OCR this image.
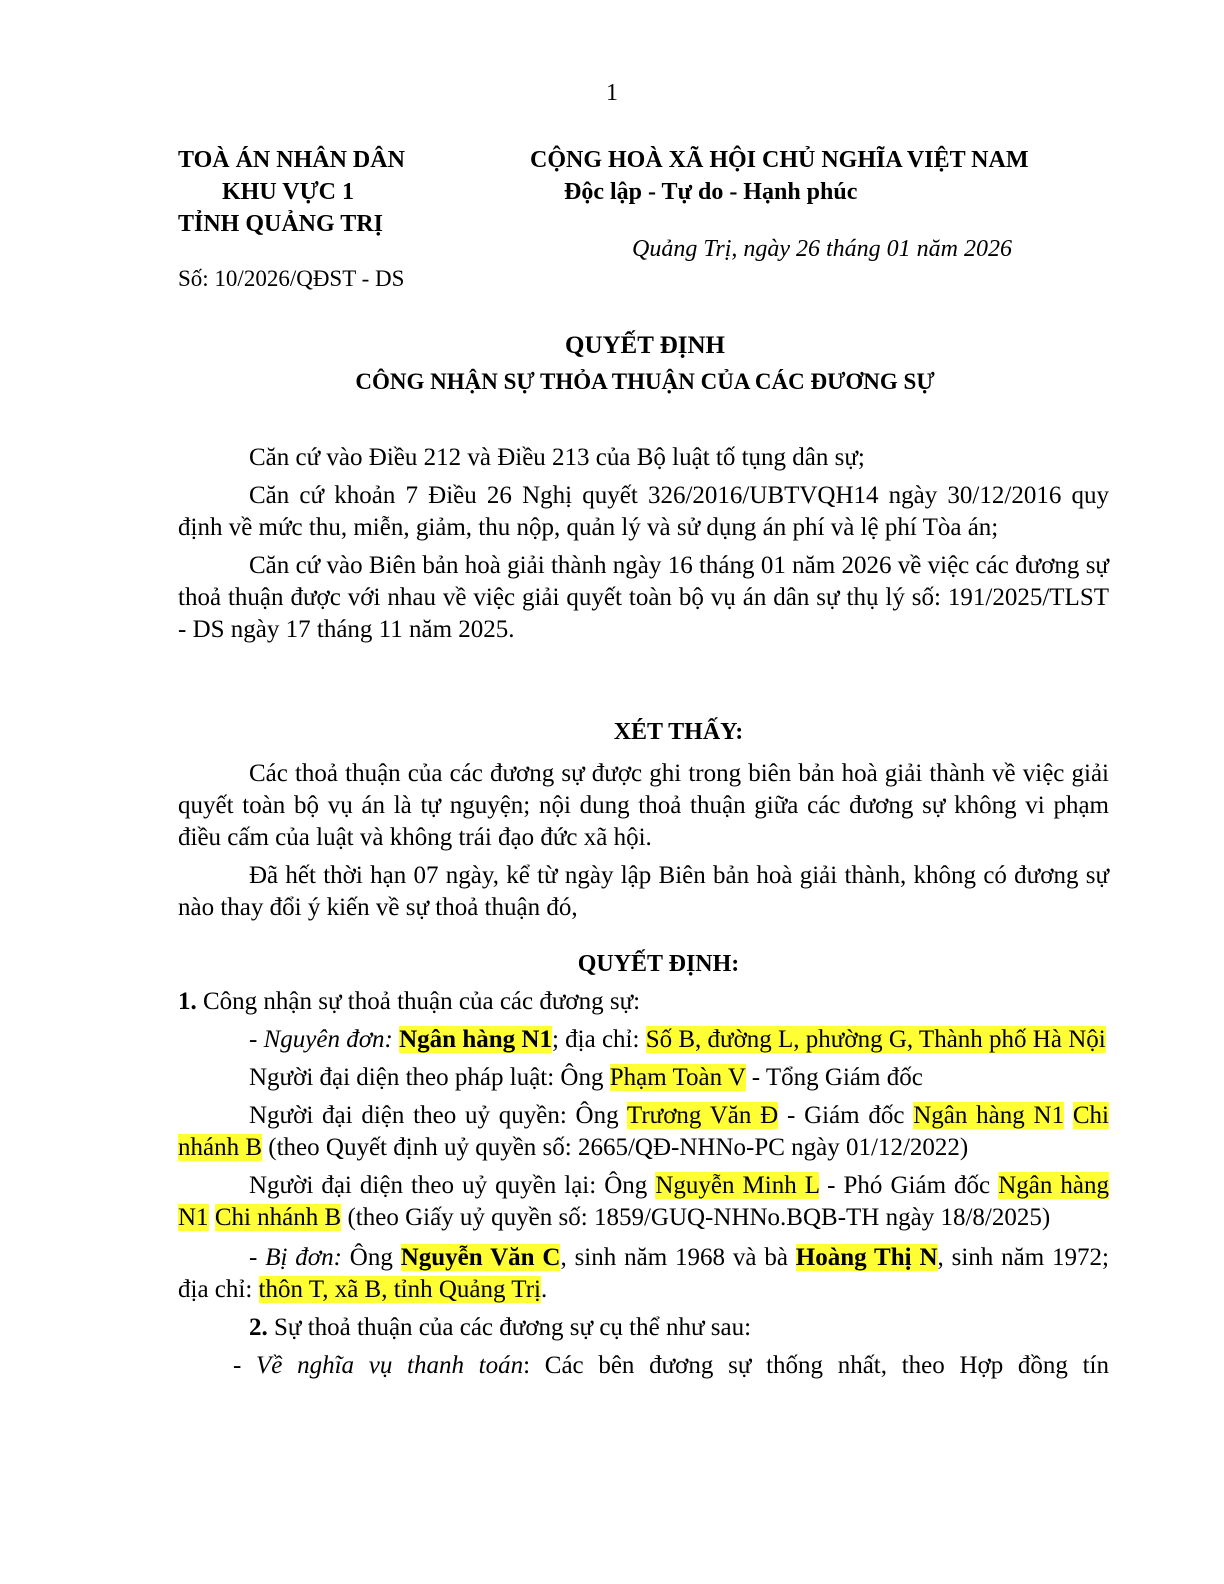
1
TOÀ ÁN NHÂN DÂN
KHU VỰC 1
TỈNH QUẢNG TRỊ
CỘNG HOÀ XÃ HỘI CHỦ NGHĨA VIỆT NAM
Độc lập - Tự do - Hạnh phúc
Quảng Trị, ngày 26 tháng 01 năm 2026
Số: 10/2026/QĐST - DS
QUYẾT ĐỊNH
CÔNG NHẬN SỰ THỎA THUẬN CỦA CÁC ĐƯƠNG SỰ

Căn cứ vào Điều 212 và Điều 213 của Bộ luật tố tụng dân sự;

Căn cứ khoản 7 Điều 26 Nghị quyết 326/2016/UBTVQH14 ngày 30/12/2016 quy định về mức thu, miễn, giảm, thu nộp, quản lý và sử dụng án phí và lệ phí Tòa án;

Căn cứ vào Biên bản hoà giải thành ngày 16 tháng 01 năm 2026 về việc các đương sự thoả thuận được với nhau về việc giải quyết toàn bộ vụ án dân sự thụ lý số: 191/2025/TLST - DS ngày 17 tháng 11 năm 2025.

XÉT THẤY:

Các thoả thuận của các đương sự được ghi trong biên bản hoà giải thành về việc giải quyết toàn bộ vụ án là tự nguyện; nội dung thoả thuận giữa các đương sự không vi phạm điều cấm của luật và không trái đạo đức xã hội.

Đã hết thời hạn 07 ngày, kể từ ngày lập Biên bản hoà giải thành, không có đương sự nào thay đổi ý kiến về sự thoả thuận đó,

QUYẾT ĐỊNH:

1. Công nhận sự thoả thuận của các đương sự:

- Nguyên đơn: Ngân hàng N1; địa chỉ: Số B, đường L, phường G, Thành phố Hà Nội

Người đại diện theo pháp luật: Ông Phạm Toàn V - Tổng Giám đốc

Người đại diện theo uỷ quyền: Ông Trương Văn Đ - Giám đốc Ngân hàng N1 Chi nhánh B (theo Quyết định uỷ quyền số: 2665/QĐ-NHNo-PC ngày 01/12/2022)

Người đại diện theo uỷ quyền lại: Ông Nguyễn Minh L - Phó Giám đốc Ngân hàng N1 Chi nhánh B (theo Giấy uỷ quyền số: 1859/GUQ-NHNo.BQB-TH ngày 18/8/2025)

- Bị đơn: Ông Nguyễn Văn C, sinh năm 1968 và bà Hoàng Thị N, sinh năm 1972; địa chỉ: thôn T, xã B, tỉnh Quảng Trị.

2. Sự thoả thuận của các đương sự cụ thể như sau:

- Về nghĩa vụ thanh toán: Các bên đương sự thống nhất, theo Hợp đồng tín
